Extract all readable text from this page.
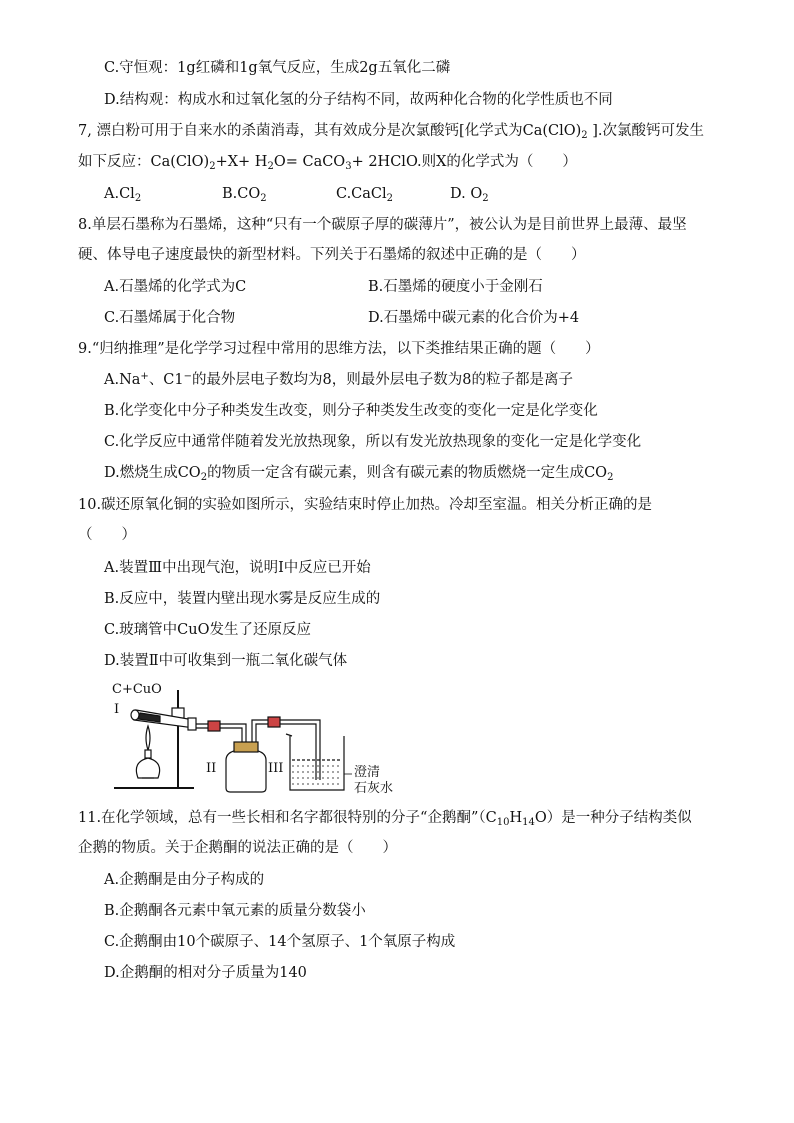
C.守恒观：1g红磷和1g氧气反应，生成2g五氧化二磷
D.结构观：构成水和过氧化氢的分子结构不同，故两种化合物的化学性质也不同
7, 漂白粉可用于自来水的杀菌消毒，其有效成分是次氯酸钙[化学式为$Ca(ClO)_2$ ].次氯酸钙可发生
如下反应：$Ca(ClO)_2+X+ H_2O=$ CaCO$_3$+ 2HClO.则X的化学式为（　　）
$A.Cl_2$	$B.CO_2$	C.CaCl$_2$	D. $O_2$
8.单层石墨称为石墨烯，这种“只有一个碳原子厚的碳薄片”，被公认为是目前世界上最薄、最坚
硬、体导电子速度最快的新型材料。下列关于石墨烯的叙述中正确的是（　　）
A.石墨烯的化学式为C	B.石墨烯的硬度小于金刚石
C.石墨烯属于化合物	D.石墨烯中碳元素的化合价为+4
9.“归纳推理”是化学学习过程中常用的思维方法，以下类推结果正确的题（　　）
A.Na+、C1−的最外层电子数均为8，则最外层电子数为8的粒子都是离子
B.化学变化中分子种类发生改变，则分子种类发生改变的变化一定是化学变化
C.化学反应中通常伴随着发光放热现象，所以有发光放热现象的变化一定是化学变化
D.燃烧生成$CO_2$的物质一定含有碳元素，则含有碳元素的物质燃烧一定生成$CO_2$
10.碳还原氧化铜的实验如图所示，实验结束时停止加热。冷却至室温。相关分析正确的是
（　　）
A.装置Ⅲ中出现气泡，说明Ⅰ中反应已开始
B.反应中，装置内壁出现水雾是反应生成的
C.玻璃管中CuO发生了还原反应
D.装置Ⅱ中可收集到一瓶二氧化碳气体
C+CuO
I
II	III	澄清
石灰水
11.在化学领域，总有一些长相和名字都很特别的分子“企鹅酮$”(C_{10}H_{14}O)$是一种分子结构类似
企鹅的物质。关于企鹅酮的说法正确的是（　　）
A.企鹅酮是由分子构成的
B.企鹅酮各元素中氧元素的质量分数袋小
C.企鹅酮由10个碳原子、14个氢原子、1个氧原子构成
D.企鹅酮的相对分子质量为140
